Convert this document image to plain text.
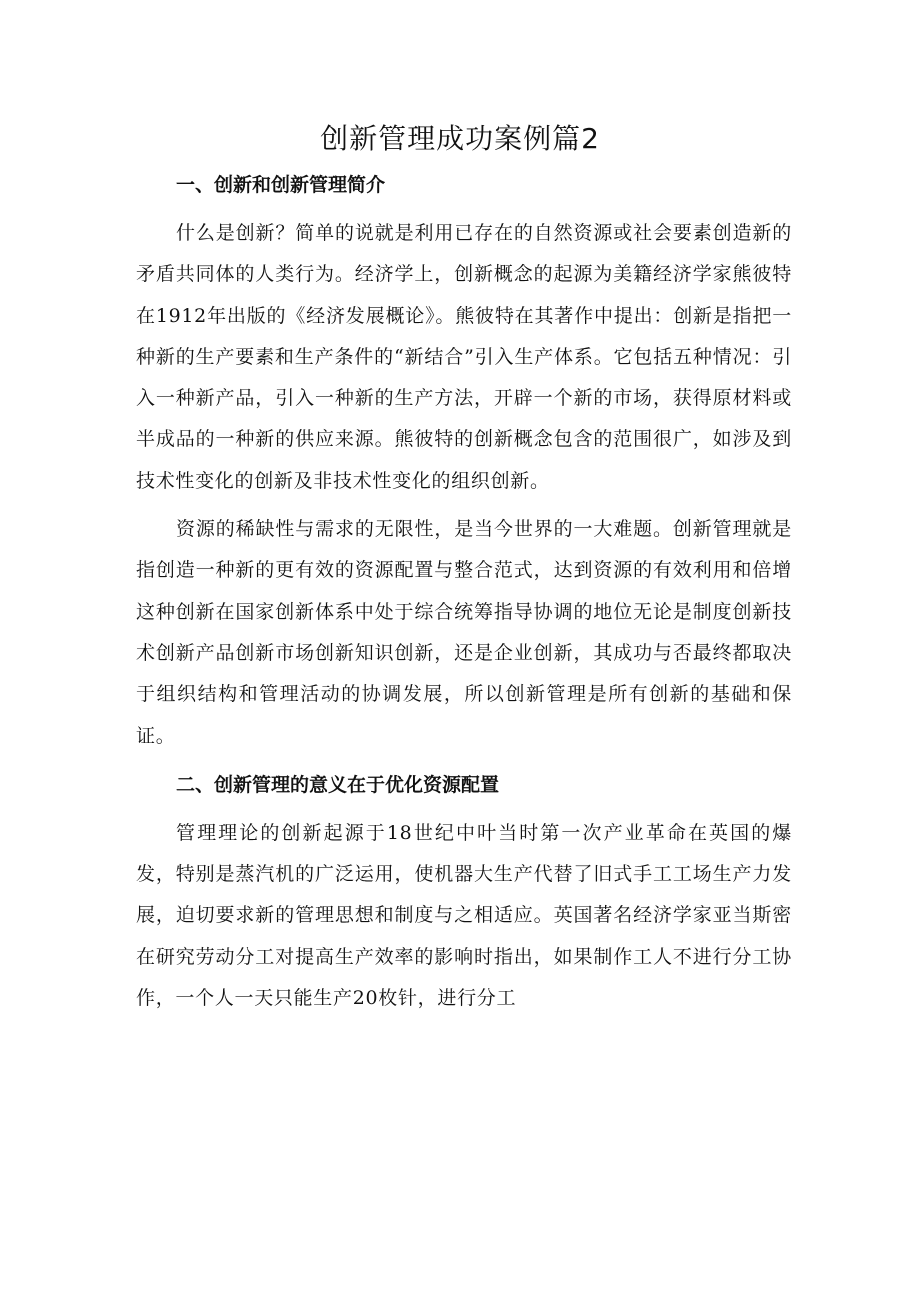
创新管理成功案例篇2
一、创新和创新管理简介

什么是创新？简单的说就是利用已存在的自然资源或社会要素创造新的矛盾共同体的人类行为。经济学上，创新概念的起源为美籍经济学家熊彼特在1912年出版的《经济发展概论》。熊彼特在其著作中提出：创新是指把一种新的生产要素和生产条件的“新结合”引入生产体系。它包括五种情况：引入一种新产品，引入一种新的生产方法，开辟一个新的市场，获得原材料或半成品的一种新的供应来源。熊彼特的创新概念包含的范围很广，如涉及到技术性变化的创新及非技术性变化的组织创新。

资源的稀缺性与需求的无限性，是当今世界的一大难题。创新管理就是指创造一种新的更有效的资源配置与整合范式，达到资源的有效利用和倍增这种创新在国家创新体系中处于综合统筹指导协调的地位无论是制度创新技术创新产品创新市场创新知识创新，还是企业创新，其成功与否最终都取决于组织结构和管理活动的协调发展，所以创新管理是所有创新的基础和保证。

二、创新管理的意义在于优化资源配置

管理理论的创新起源于18世纪中叶当时第一次产业革命在英国的爆发，特别是蒸汽机的广泛运用，使机器大生产代替了旧式手工工场生产力发展，迫切要求新的管理思想和制度与之相适应。英国著名经济学家亚当斯密在研究劳动分工对提高生产效率的影响时指出，如果制作工人不进行分工协作，一个人一天只能生产20枚针，进行分工
